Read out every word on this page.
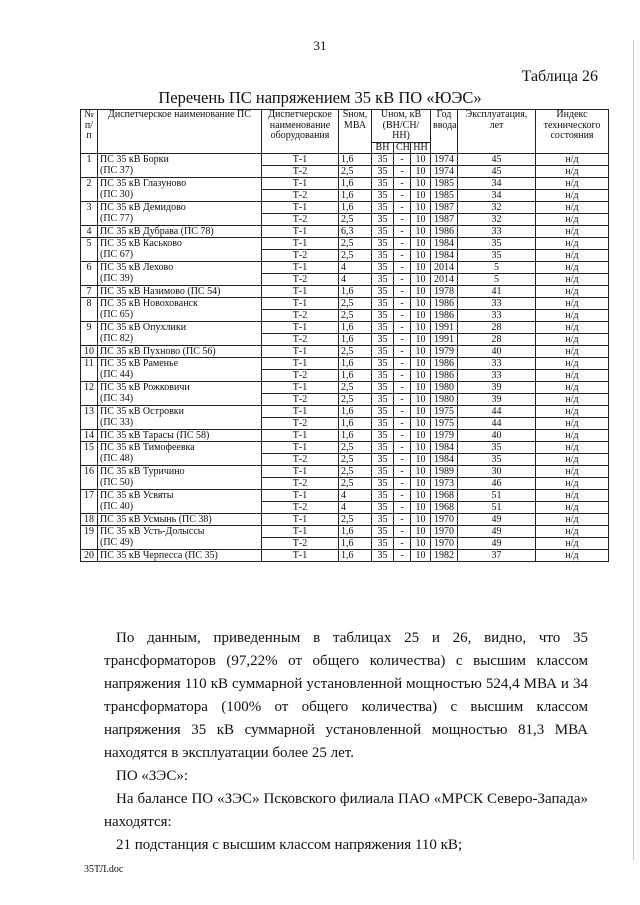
31
Таблица 26
Перечень ПС напряжением 35 кВ ПО «ЮЭС»
№ п/п	Диспетчерское наименование ПС	Диспетчерское наименование оборудования	Sном, МВА	Uном, кВ (ВН/СН/НН)			Год ввода	Эксплуатация, лет	Индекс технического состояния
				ВН	СН	НН			
1	ПС 35 кВ Борки
(ПС 37)	Т-1	1,6	35	-	10	1974	45	н/д
		Т-2	2,5	35	-	10	1974	45	н/д
2	ПС 35 кВ Глазуново
(ПС 30)	Т-1	1,6	35	-	10	1985	34	н/д
		Т-2	1,6	35	-	10	1985	34	н/д
3	ПС 35 кВ Демидово
(ПС 77)	Т-1	1,6	35	-	10	1987	32	н/д
		Т-2	2,5	35	-	10	1987	32	н/д
4	ПС 35 кВ Дубрава (ПС 78)	Т-1	6,3	35	-	10	1986	33	н/д
5	ПС 35 кВ Каськово
(ПС 67)	Т-1	2,5	35	-	10	1984	35	н/д
		Т-2	2,5	35	-	10	1984	35	н/д
6	ПС 35 кВ Лехово
(ПС 39)	Т-1	4	35	-	10	2014	5	н/д
		Т-2	4	35	-	10	2014	5	н/д
7	ПС 35 кВ Назимово (ПС 54)	Т-1	1,6	35	-	10	1978	41	н/д
8	ПС 35 кВ Новохованск
(ПС 65)	Т-1	2,5	35	-	10	1986	33	н/д
		Т-2	2,5	35	-	10	1986	33	н/д
9	ПС 35 кВ Опухлики
(ПС 82)	Т-1	1,6	35	-	10	1991	28	н/д
		Т-2	1,6	35	-	10	1991	28	н/д
10	ПС 35 кВ Пухново (ПС 56)	Т-1	2,5	35	-	10	1979	40	н/д
11	ПС 35 кВ Раменье
(ПС 44)	Т-1	1,6	35	-	10	1986	33	н/д
		Т-2	1,6	35	-	10	1986	33	н/д
12	ПС 35 кВ Рожковичи
(ПС 34)	Т-1	2,5	35	-	10	1980	39	н/д
		Т-2	2,5	35	-	10	1980	39	н/д
13	ПС 35 кВ Островки
(ПС 33)	Т-1	1,6	35	-	10	1975	44	н/д
		Т-2	1,6	35	-	10	1975	44	н/д
14	ПС 35 кВ Тарасы (ПС 58)	Т-1	1,6	35	-	10	1979	40	н/д
15	ПС 35 кВ Тимофеевка
(ПС 48)	Т-1	2,5	35	-	10	1984	35	н/д
		Т-2	2,5	35	-	10	1984	35	н/д
16	ПС 35 кВ Туричино
(ПС 50)	Т-1	2,5	35	-	10	1989	30	н/д
		Т-2	2,5	35	-	10	1973	46	н/д
17	ПС 35 кВ Усвяты
(ПС 40)	Т-1	4	35	-	10	1968	51	н/д
		Т-2	4	35	-	10	1968	51	н/д
18	ПС 35 кВ Усмынь (ПС 38)	Т-1	2,5	35	-	10	1970	49	н/д
19	ПС 35 кВ Усть-Долыссы
(ПС 49)	Т-1	1,6	35	-	10	1970	49	н/д
		Т-2	1,6	35	-	10	1970	49	н/д
20	ПС 35 кВ Черпесса (ПС 35)	Т-1	1,6	35	-	10	1982	37	н/д
По данным, приведенным в таблицах 25 и 26, видно, что 35 трансформаторов (97,22% от общего количества) с высшим классом напряжения 110 кВ суммарной установленной мощностью 524,4 МВА и 34 трансформатора (100% от общего количества) с высшим классом напряжения 35 кВ суммарной установленной мощностью 81,3 МВА находятся в эксплуатации более 25 лет.
ПО «ЗЭС»:
На балансе ПО «ЗЭС» Псковского филиала ПАО «МРСК Северо-Запада» находятся:
21 подстанция с высшим классом напряжения 110 кВ;
35ТЛ.doc
